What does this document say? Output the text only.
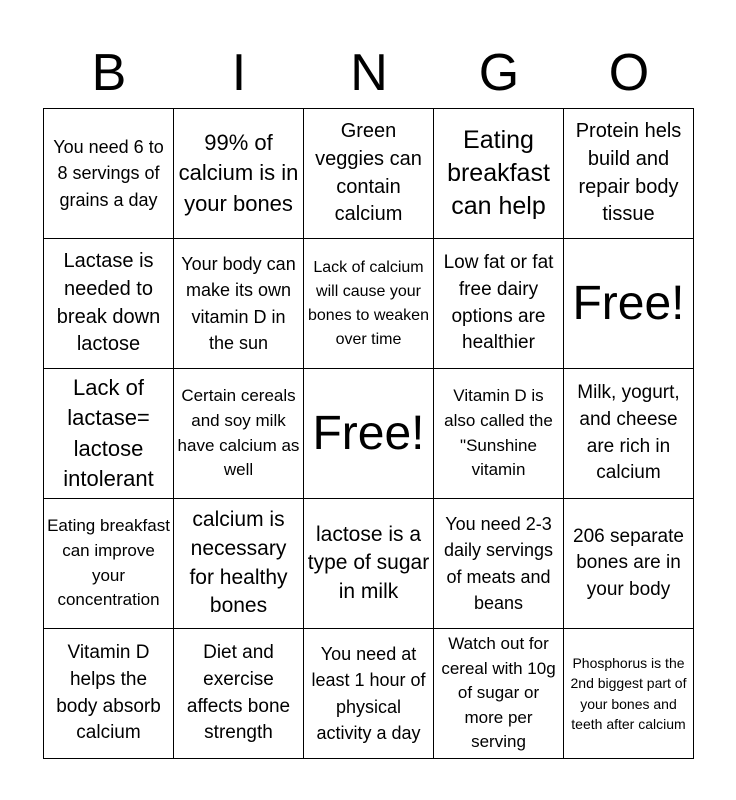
B	I	N	G	O
You need 6 to 8 servings of grains a day
99% of calcium is in your bones
Green veggies can contain calcium
Eating breakfast can help
Protein hels build and repair body tissue
Lactase is needed to break down lactose
Your body can make its own vitamin D in the sun
Lack of calcium will cause your bones to weaken over time
Low fat or fat free dairy options are healthier
Free!
Lack of lactase= lactose intolerant
Certain cereals and soy milk have calcium as well
Free!
Vitamin D is also called the "Sunshine vitamin
Milk, yogurt, and cheese are rich in calcium
Eating breakfast can improve your concentration
calcium is necessary for healthy bones
lactose is a type of sugar in milk
You need 2-3 daily servings of meats and beans
206 separate bones are in your body
Vitamin D helps the body absorb calcium
Diet and exercise affects bone strength
You need at least 1 hour of physical activity a day
Watch out for cereal with 10g of sugar or more per serving
Phosphorus is the 2nd biggest part of your bones and teeth after calcium
